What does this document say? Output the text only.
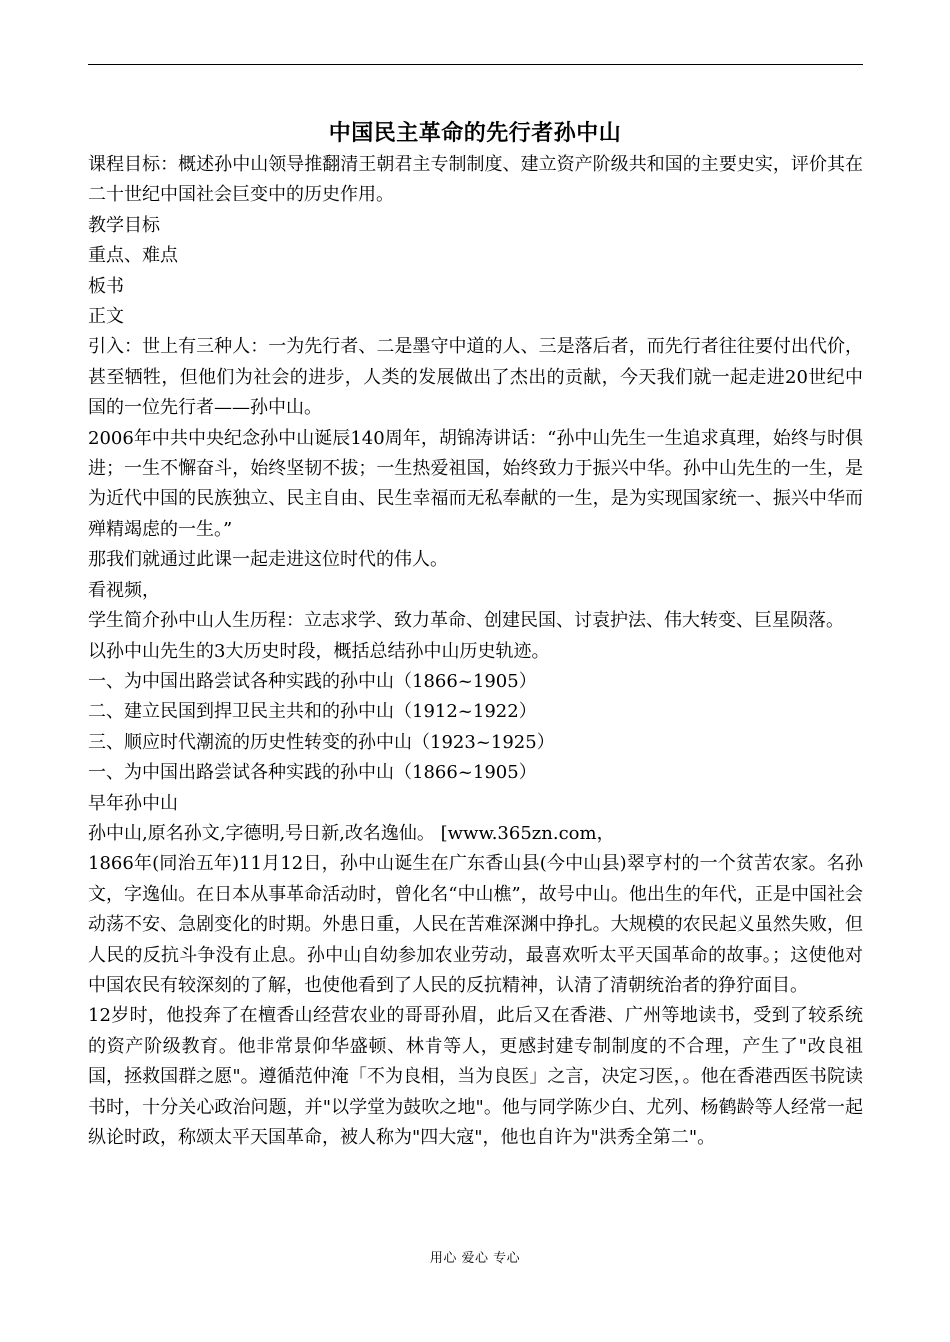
中国民主革命的先行者孙中山

课程目标：概述孙中山领导推翻清王朝君主专制制度、建立资产阶级共和国的主要史实，评价其在二十世纪中国社会巨变中的历史作用。

教学目标

重点、难点

板书

正文

引入：世上有三种人：一为先行者、二是墨守中道的人、三是落后者，而先行者往往要付出代价，甚至牺牲，但他们为社会的进步，人类的发展做出了杰出的贡献，今天我们就一起走进20世纪中国的一位先行者——孙中山。

2006年中共中央纪念孙中山诞辰140周年，胡锦涛讲话：“孙中山先生一生追求真理，始终与时俱进；一生不懈奋斗，始终坚韧不拔；一生热爱祖国，始终致力于振兴中华。孙中山先生的一生，是为近代中国的民族独立、民主自由、民生幸福而无私奉献的一生，是为实现国家统一、振兴中华而殚精竭虑的一生。”

那我们就通过此课一起走进这位时代的伟人。

看视频，

学生简介孙中山人生历程：立志求学、致力革命、创建民国、讨袁护法、伟大转变、巨星陨落。

以孙中山先生的3大历史时段，概括总结孙中山历史轨迹。

一、为中国出路尝试各种实践的孙中山（1866~1905）

二、建立民国到捍卫民主共和的孙中山（1912~1922）

三、顺应时代潮流的历史性转变的孙中山（1923~1925）

一、为中国出路尝试各种实践的孙中山（1866~1905）

早年孙中山

孙中山,原名孙文,字德明,号日新,改名逸仙。 [www.365zn.com，

1866年(同治五年)11月12日，孙中山诞生在广东香山县(今中山县)翠亨村的一个贫苦农家。名孙文，字逸仙。在日本从事革命活动时，曾化名“中山樵”，故号中山。他出生的年代，正是中国社会动荡不安、急剧变化的时期。外患日重，人民在苦难深渊中挣扎。大规模的农民起义虽然失败，但人民的反抗斗争没有止息。孙中山自幼参加农业劳动，最喜欢听太平天国革命的故事。；这使他对中国农民有较深刻的了解，也使他看到了人民的反抗精神，认清了清朝统治者的狰狞面目。

12岁时，他投奔了在檀香山经营农业的哥哥孙眉，此后又在香港、广州等地读书，受到了较系统的资产阶级教育。他非常景仰华盛顿、林肯等人，更感封建专制制度的不合理，产生了"改良祖国，拯救国群之愿"。遵循范仲淹「不为良相，当为良医」之言，决定习医，。他在香港西医书院读书时，十分关心政治问题，并"以学堂为鼓吹之地"。他与同学陈少白、尤列、杨鹤龄等人经常一起纵论时政，称颂太平天国革命，被人称为"四大寇"，他也自许为"洪秀全第二"。

用心 爱心 专心
